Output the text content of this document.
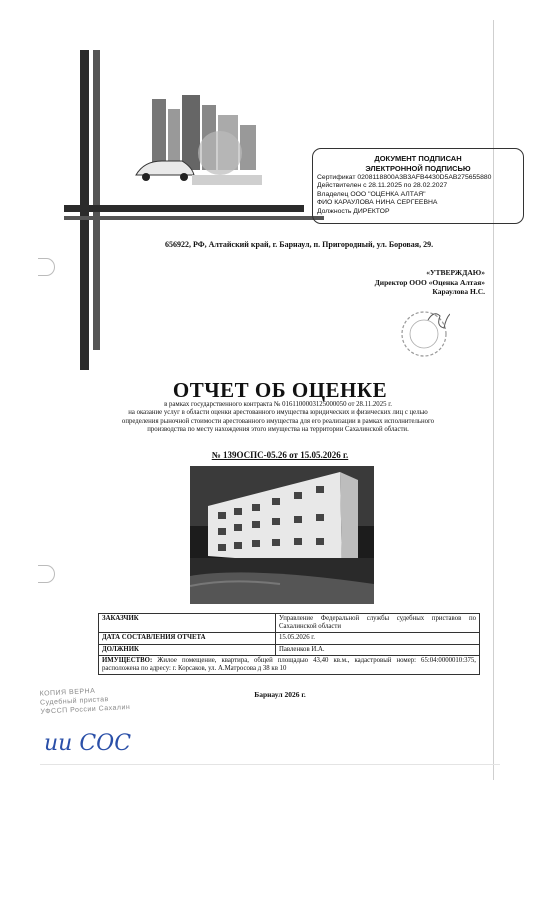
656922, РФ, Алтайский край, г. Барнаул, п. Пригородный, ул. Боровая, 29.
ДОКУМЕНТ ПОДПИСАН
ЭЛЕКТРОННОЙ ПОДПИСЬЮ
Сертификат 0208118800A3B3AFB4430D5AB275655880
Действителен с 28.11.2025 по 28.02.2027
Владелец ООО "ОЦЕНКА АЛТАЯ"
ФИО КАРАУЛОВА НИНА СЕРГЕЕВНА
Должность ДИРЕКТОР
«УТВЕРЖДАЮ»
Директор ООО «Оценка Алтая»
Караулова Н.С.
ОТЧЕТ ОБ ОЦЕНКЕ
в рамках государственного контракта № 0161100003125000050 от 28.11.2025 г.
на оказание услуг в области оценки арестованного имущества юридических и физических лиц с целью
определения рыночной стоимости арестованного имущества для его реализации в рамках исполнительного
производства по месту нахождения этого имущества на территории Сахалинской области.
№ 139ОСПС-05.26 от 15.05.2026 г.
ЗАКАЗЧИК	Управление Федеральной службы судебных приставов по Сахалинской области
ДАТА СОСТАВЛЕНИЯ ОТЧЕТА	15.05.2026 г.
ДОЛЖНИК	Павленков И.А.
ИМУЩЕСТВО: Жилое помещение, квартира, общей площадью 43,40 кв.м., кадастровый номер: 65:04:0000010:375, расположена по адресу: г. Корсаков, ул. А.Матросова д 38 кв 10	
Барнаул 2026 г.
КОПИЯ ВЕРНА
Судебный пристав
УФССП России Сахалин
ии СОС
